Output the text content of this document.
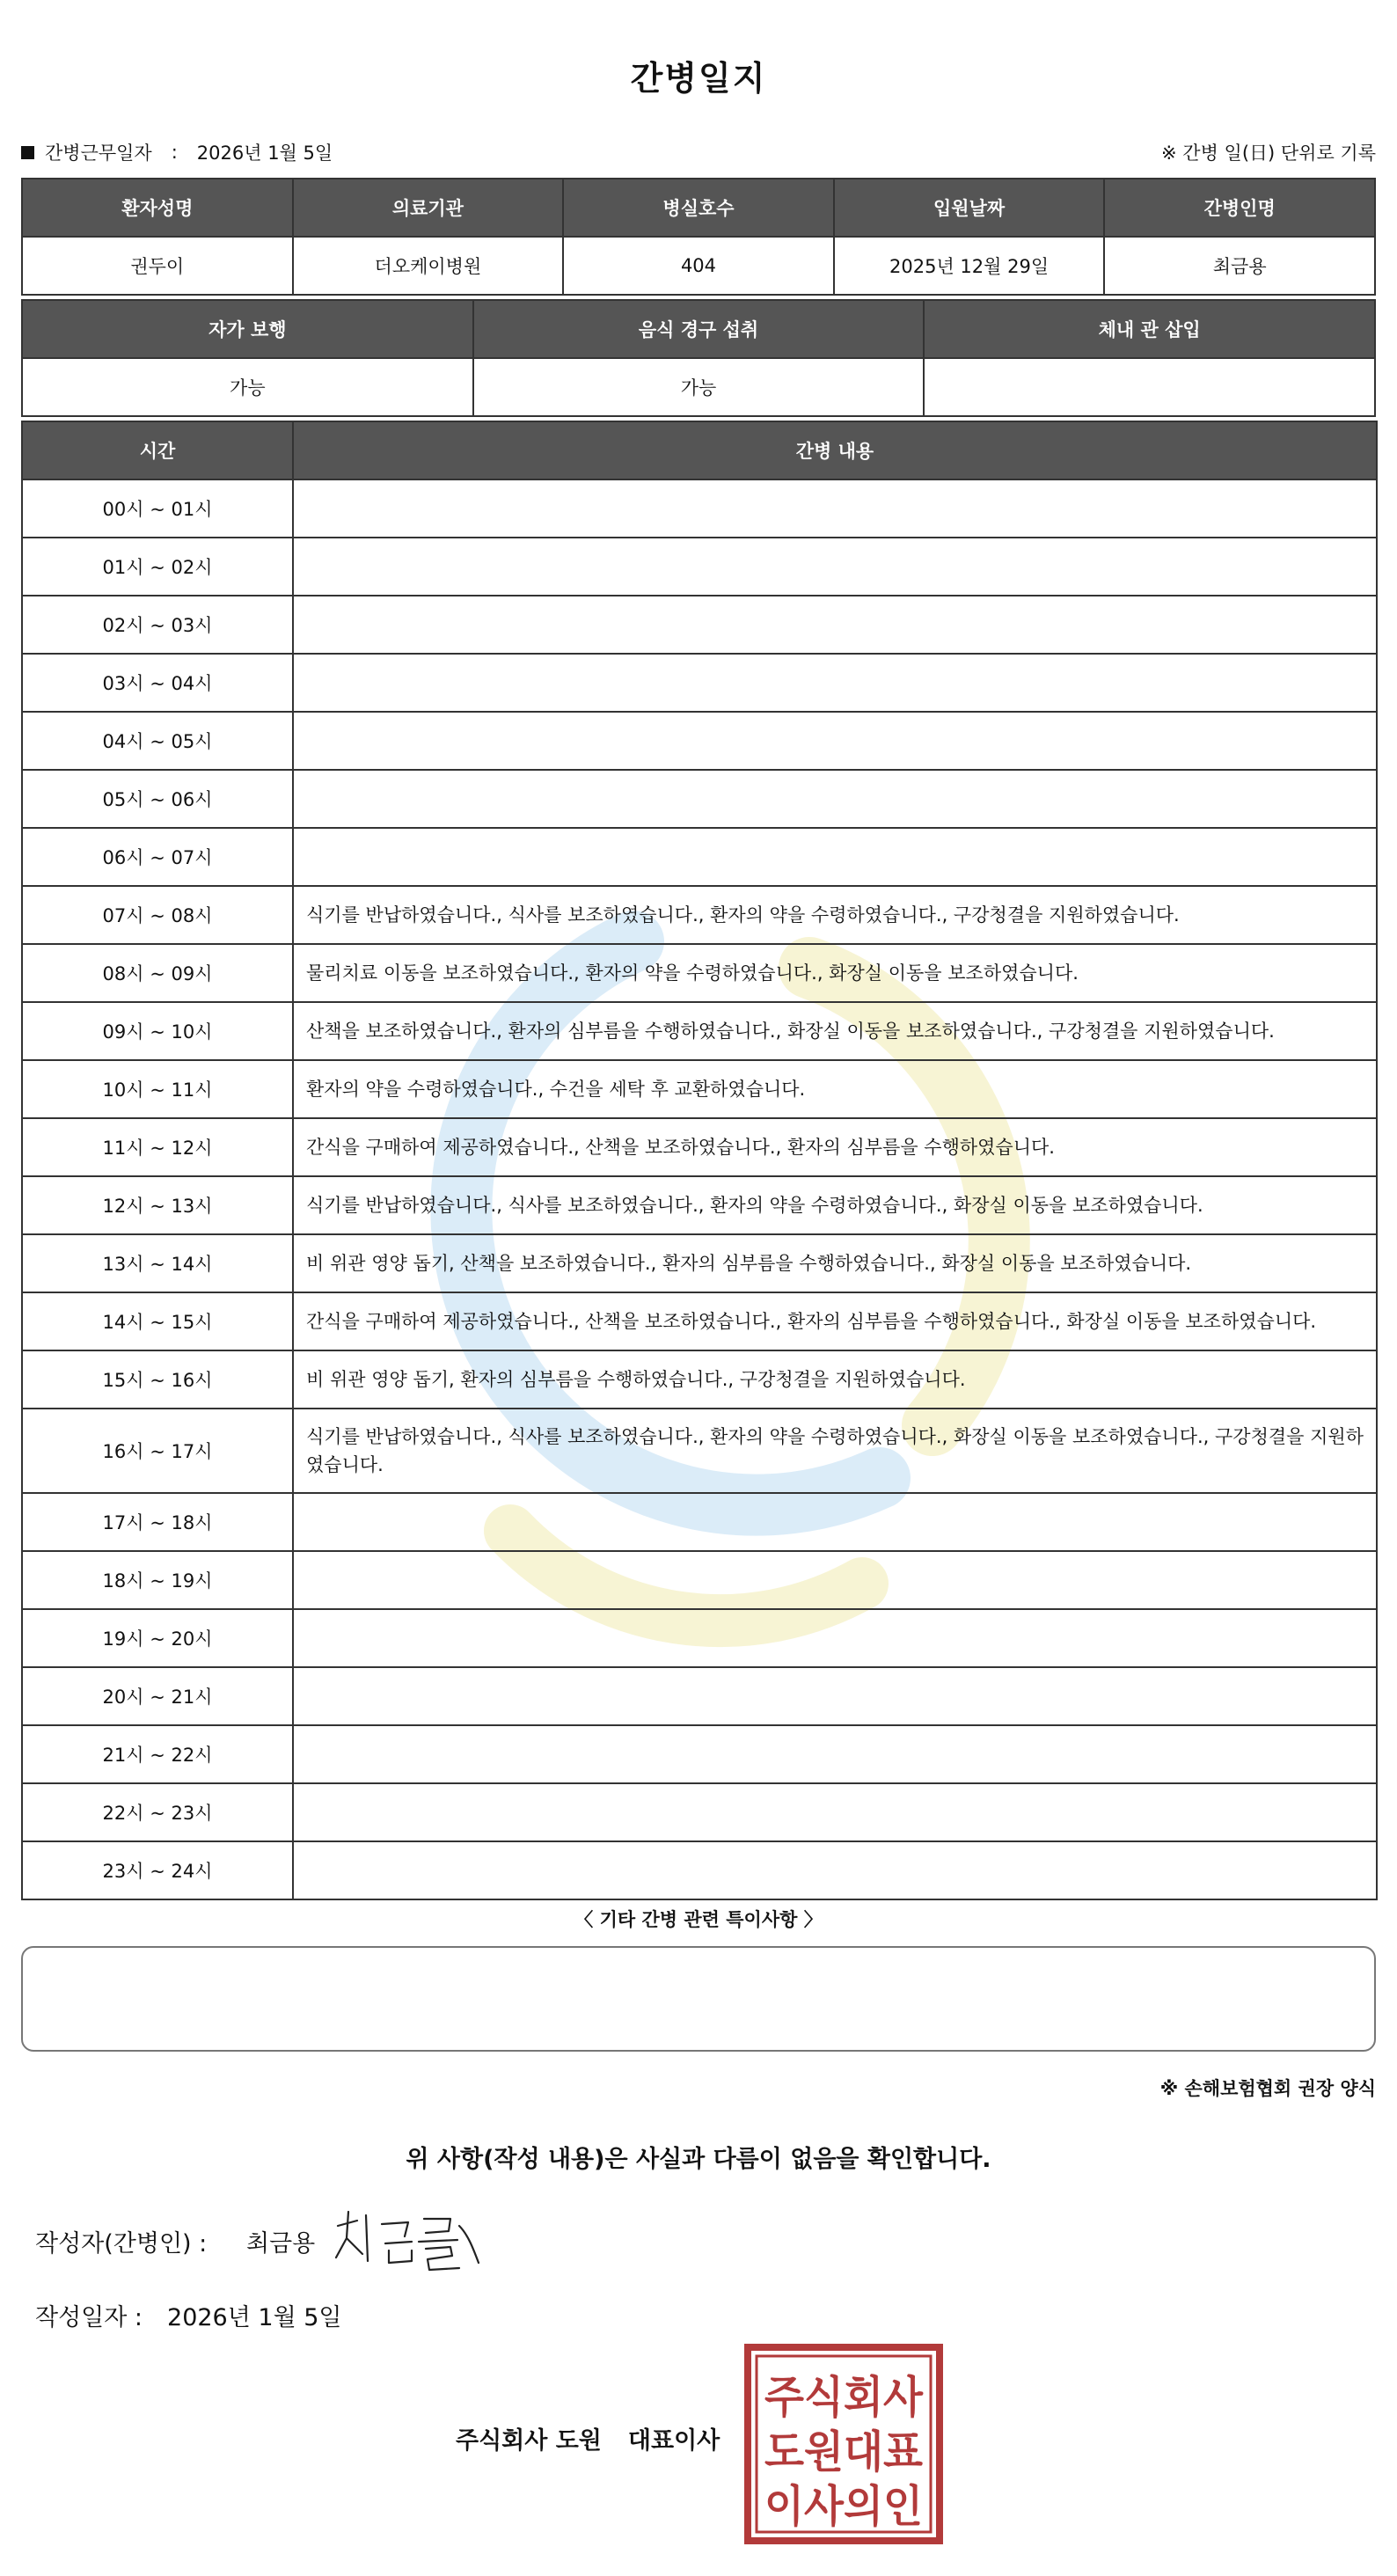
간병일지
간병근무일자 : 2026년 1월 5일	※ 간병 일(日) 단위로 기록
환자성명	의료기관	병실호수	입원날짜	간병인명
권두이	더오케이병원	404	2025년 12월 29일	최금용
자가 보행	음식 경구 섭취	체내 관 삽입
가능	가능	
시간	간병 내용
00시 ~ 01시	
01시 ~ 02시	
02시 ~ 03시	
03시 ~ 04시	
04시 ~ 05시	
05시 ~ 06시	
06시 ~ 07시	
07시 ~ 08시	식기를 반납하였습니다., 식사를 보조하였습니다., 환자의 약을 수령하였습니다., 구강청결을 지원하였습니다.
08시 ~ 09시	물리치료 이동을 보조하였습니다., 환자의 약을 수령하였습니다., 화장실 이동을 보조하였습니다.
09시 ~ 10시	산책을 보조하였습니다., 환자의 심부름을 수행하였습니다., 화장실 이동을 보조하였습니다., 구강청결을 지원하였습니다.
10시 ~ 11시	환자의 약을 수령하였습니다., 수건을 세탁 후 교환하였습니다.
11시 ~ 12시	간식을 구매하여 제공하였습니다., 산책을 보조하였습니다., 환자의 심부름을 수행하였습니다.
12시 ~ 13시	식기를 반납하였습니다., 식사를 보조하였습니다., 환자의 약을 수령하였습니다., 화장실 이동을 보조하였습니다.
13시 ~ 14시	비 위관 영양 돕기, 산책을 보조하였습니다., 환자의 심부름을 수행하였습니다., 화장실 이동을 보조하였습니다.
14시 ~ 15시	간식을 구매하여 제공하였습니다., 산책을 보조하였습니다., 환자의 심부름을 수행하였습니다., 화장실 이동을 보조하였습니다.
15시 ~ 16시	비 위관 영양 돕기, 환자의 심부름을 수행하였습니다., 구강청결을 지원하였습니다.
16시 ~ 17시	식기를 반납하였습니다., 식사를 보조하였습니다., 환자의 약을 수령하였습니다., 화장실 이동을 보조하였습니다., 구강청결을 지원하였습니다.
17시 ~ 18시	
18시 ~ 19시	
19시 ~ 20시	
20시 ~ 21시	
21시 ~ 22시	
22시 ~ 23시	
23시 ~ 24시	
〈 기타 간병 관련 특이사항 〉
※ 손해보험협회 권장 양식
위 사항(작성 내용)은 사실과 다름이 없음을 확인합니다.
작성자(간병인) :	최금용
작성일자 : 2026년 1월 5일
주식회사 도원 대표이사
주식회사
도원대표
이사의인
